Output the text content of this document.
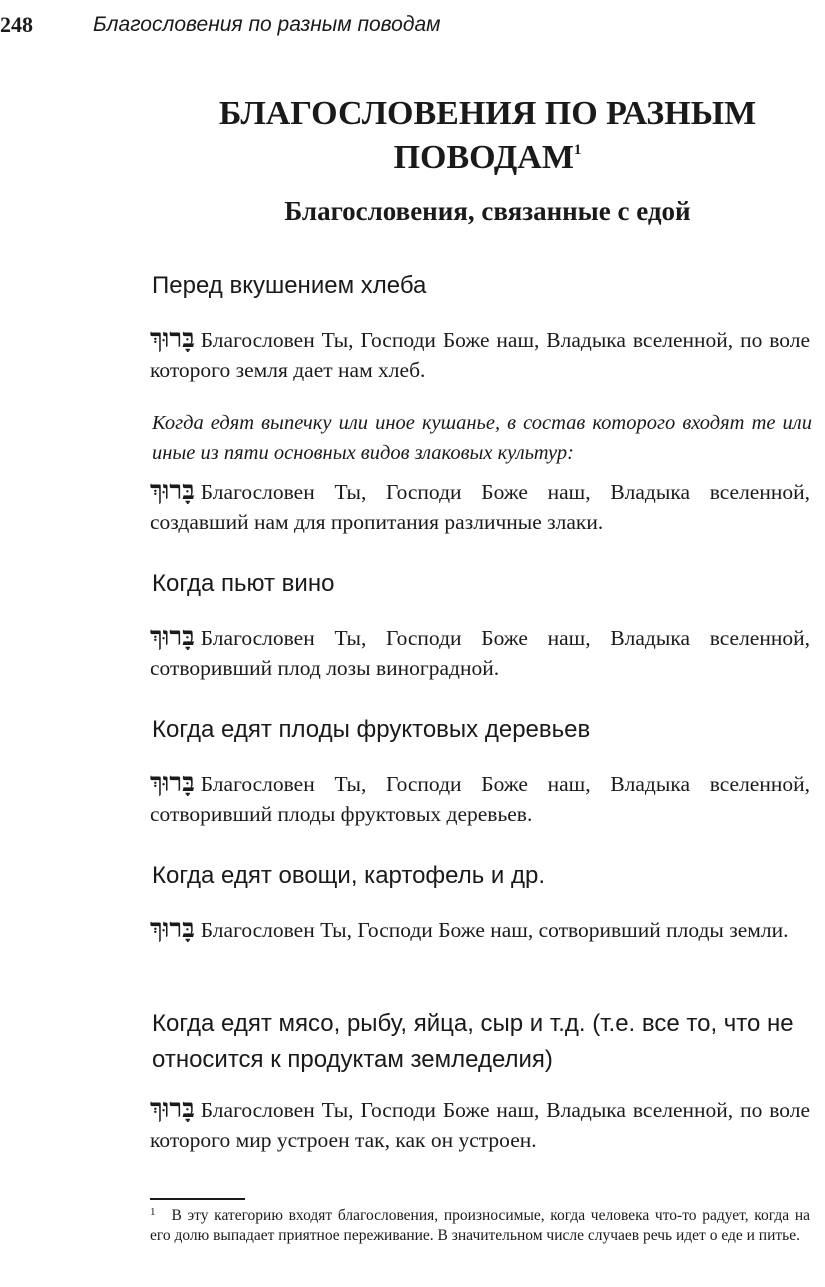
248	Благословения по разным поводам
БЛАГОСЛОВЕНИЯ ПО РАЗНЫМ
ПОВОДАМ$^1$
Благословения, связанные с едой
Перед вкушением хлеба
בָּרוּךְ Благословен Ты, Господи Боже наш, Владыка вселенной, по воле которого земля дает нам хлеб.
Когда едят выпечку или иное кушанье, в состав которого входят те или иные из пяти основных видов злаковых культур:
בָּרוּךְ Благословен Ты, Господи Боже наш, Владыка вселенной, создавший нам для пропитания различные злаки.
Когда пьют вино
בָּרוּךְ Благословен Ты, Господи Боже наш, Владыка вселенной, сотворивший плод лозы виноградной.
Когда едят плоды фруктовых деревьев
בָּרוּךְ Благословен Ты, Господи Боже наш, Владыка вселенной, сотворивший плоды фруктовых деревьев.
Когда едят овощи, картофель и др.
בָּרוּךְ Благословен Ты, Господи Боже наш, сотворивший плоды земли.
Когда едят мясо, рыбу, яйца, сыр и т.д. (т.е. все то, что не относится к продуктам земледелия)
בָּרוּךְ Благословен Ты, Господи Боже наш, Владыка вселенной, по воле которого мир устроен так, как он устроен.
$^1$ В эту категорию входят благословения, произносимые, когда человека что-то радует, когда на его долю выпадает приятное переживание. В значительном числе случаев речь идет о еде и питье.
